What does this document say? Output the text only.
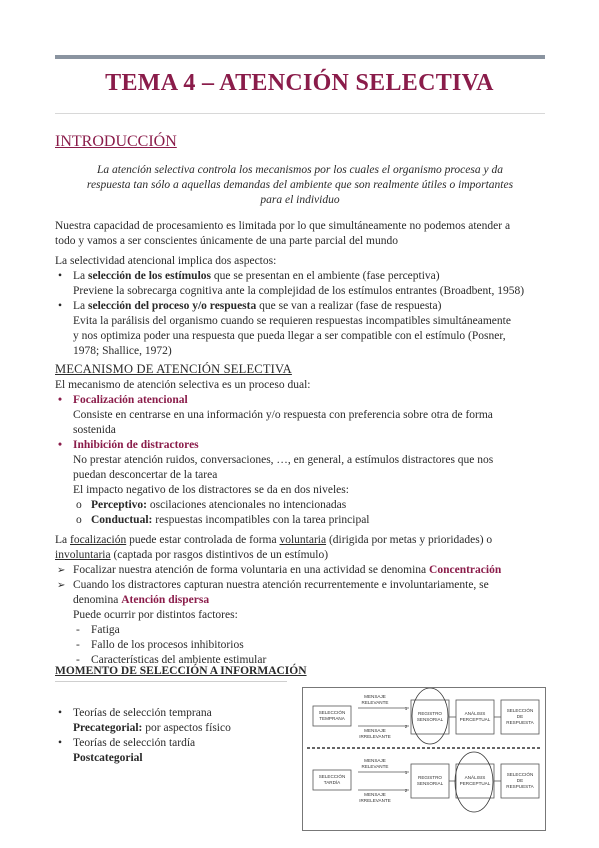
TEMA 4 – ATENCIÓN SELECTIVA
INTRODUCCIÓN
La atención selectiva controla los mecanismos por los cuales el organismo procesa y da
respuesta tan sólo a aquellas demandas del ambiente que son realmente útiles o importantes
para el individuo
Nuestra capacidad de procesamiento es limitada por lo que simultáneamente no podemos atender a
todo y vamos a ser conscientes únicamente de una parte parcial del mundo
La selectividad atencional implica dos aspectos:
• La selección de los estímulos que se presentan en el ambiente (fase perceptiva)
Previene la sobrecarga cognitiva ante la complejidad de los estímulos entrantes (Broadbent, 1958)
• La selección del proceso y/o respuesta que se van a realizar (fase de respuesta)
Evita la parálisis del organismo cuando se requieren respuestas incompatibles simultáneamente
y nos optimiza poder una respuesta que pueda llegar a ser compatible con el estímulo (Posner,
1978; Shallice, 1972)
MECANISMO DE ATENCIÓN SELECTIVA
El mecanismo de atención selectiva es un proceso dual:
• Focalización atencional
Consiste en centrarse en una información y/o respuesta con preferencia sobre otra de forma
sostenida
• Inhibición de distractores
No prestar atención ruidos, conversaciones, …, en general, a estímulos distractores que nos
puedan desconcertar de la tarea
El impacto negativo de los distractores se da en dos niveles:
o Perceptivo: oscilaciones atencionales no intencionadas
o Conductual: respuestas incompatibles con la tarea principal
La focalización puede estar controlada de forma voluntaria (dirigida por metas y prioridades) o
involuntaria (captada por rasgos distintivos de un estímulo)
➢ Focalizar nuestra atención de forma voluntaria en una actividad se denomina Concentración
➢ Cuando los distractores capturan nuestra atención recurrentemente e involuntariamente, se
denomina Atención dispersa
Puede ocurrir por distintos factores:
- Fatiga
- Fallo de los procesos inhibitorios
- Características del ambiente estimular
MOMENTO DE SELECCIÓN A INFORMACIÓN
• Teorías de selección temprana
Precategorial: por aspectos físico
• Teorías de selección tardía
Postcategorial
SELECCIÓN
TEMPRANA
SELECCIÓN
TARDÍA
MENSAJE
RELEVANTE
MENSAJE
IRRELEVANTE
MENSAJE
RELEVANTE
MENSAJE
IRRELEVANTE
REGISTRO
SENSORIAL
ANÁLISIS
PERCEPTUAL
SELECCIÓN
DE
RESPUESTA
REGISTRO
SENSORIAL
ANÁLISIS
PERCEPTUAL
SELECCIÓN
DE
RESPUESTA
1
2
1
2
